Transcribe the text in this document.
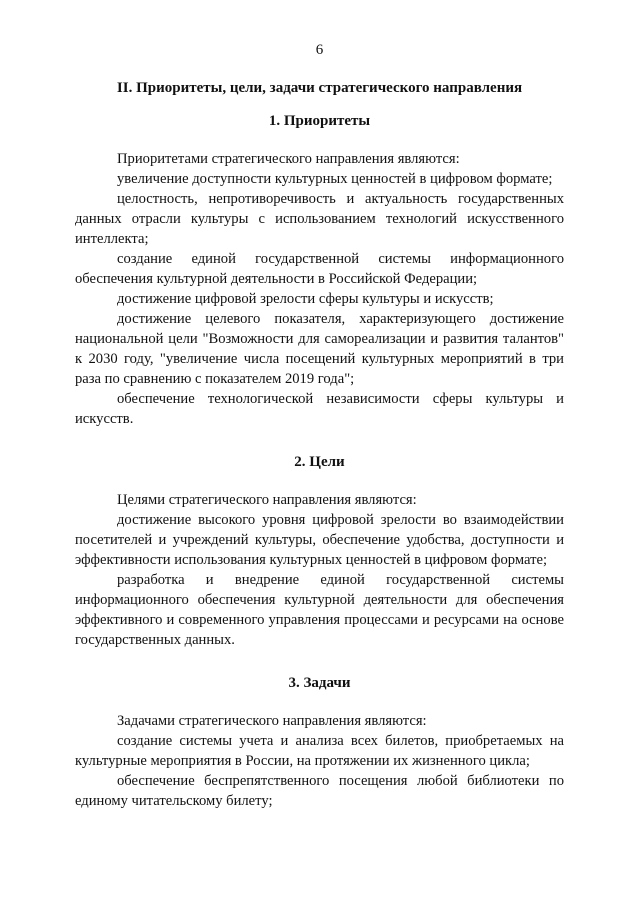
6
II. Приоритеты, цели, задачи стратегического направления
1. Приоритеты

Приоритетами стратегического направления являются:

увеличение доступности культурных ценностей в цифровом формате;

целостность, непротиворечивость и актуальность государственных данных отрасли культуры с использованием технологий искусственного интеллекта;

создание единой государственной системы информационного обеспечения культурной деятельности в Российской Федерации;

достижение цифровой зрелости сферы культуры и искусств;

достижение целевого показателя, характеризующего достижение национальной цели "Возможности для самореализации и развития талантов" к 2030 году, "увеличение числа посещений культурных мероприятий в три раза по сравнению с показателем 2019 года";

обеспечение технологической независимости сферы культуры и искусств.

2. Цели

Целями стратегического направления являются:

достижение высокого уровня цифровой зрелости во взаимодействии посетителей и учреждений культуры, обеспечение удобства, доступности и эффективности использования культурных ценностей в цифровом формате;

разработка и внедрение единой государственной системы информационного обеспечения культурной деятельности для обеспечения эффективного и современного управления процессами и ресурсами на основе государственных данных.

3. Задачи

Задачами стратегического направления являются:

создание системы учета и анализа всех билетов, приобретаемых на культурные мероприятия в России, на протяжении их жизненного цикла;

обеспечение беспрепятственного посещения любой библиотеки по единому читательскому билету;
